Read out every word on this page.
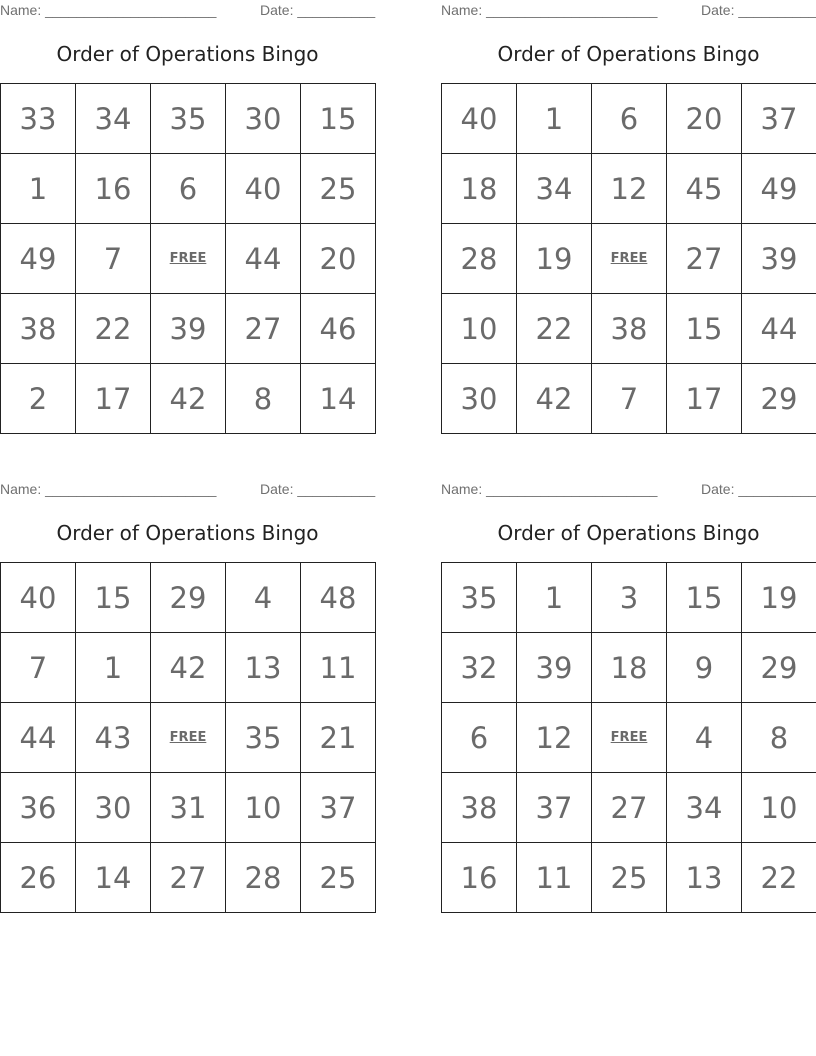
Name: ______________________	Date: __________
Order of Operations Bingo
33	34	35	30	15
1	16	6	40	25
49	7	FREE	44	20
38	22	39	27	46
2	17	42	8	14
Name: ______________________	Date: __________
Order of Operations Bingo
40	1	6	20	37
18	34	12	45	49
28	19	FREE	27	39
10	22	38	15	44
30	42	7	17	29
Name: ______________________	Date: __________
Order of Operations Bingo
40	15	29	4	48
7	1	42	13	11
44	43	FREE	35	21
36	30	31	10	37
26	14	27	28	25
Name: ______________________	Date: __________
Order of Operations Bingo
35	1	3	15	19
32	39	18	9	29
6	12	FREE	4	8
38	37	27	34	10
16	11	25	13	22
